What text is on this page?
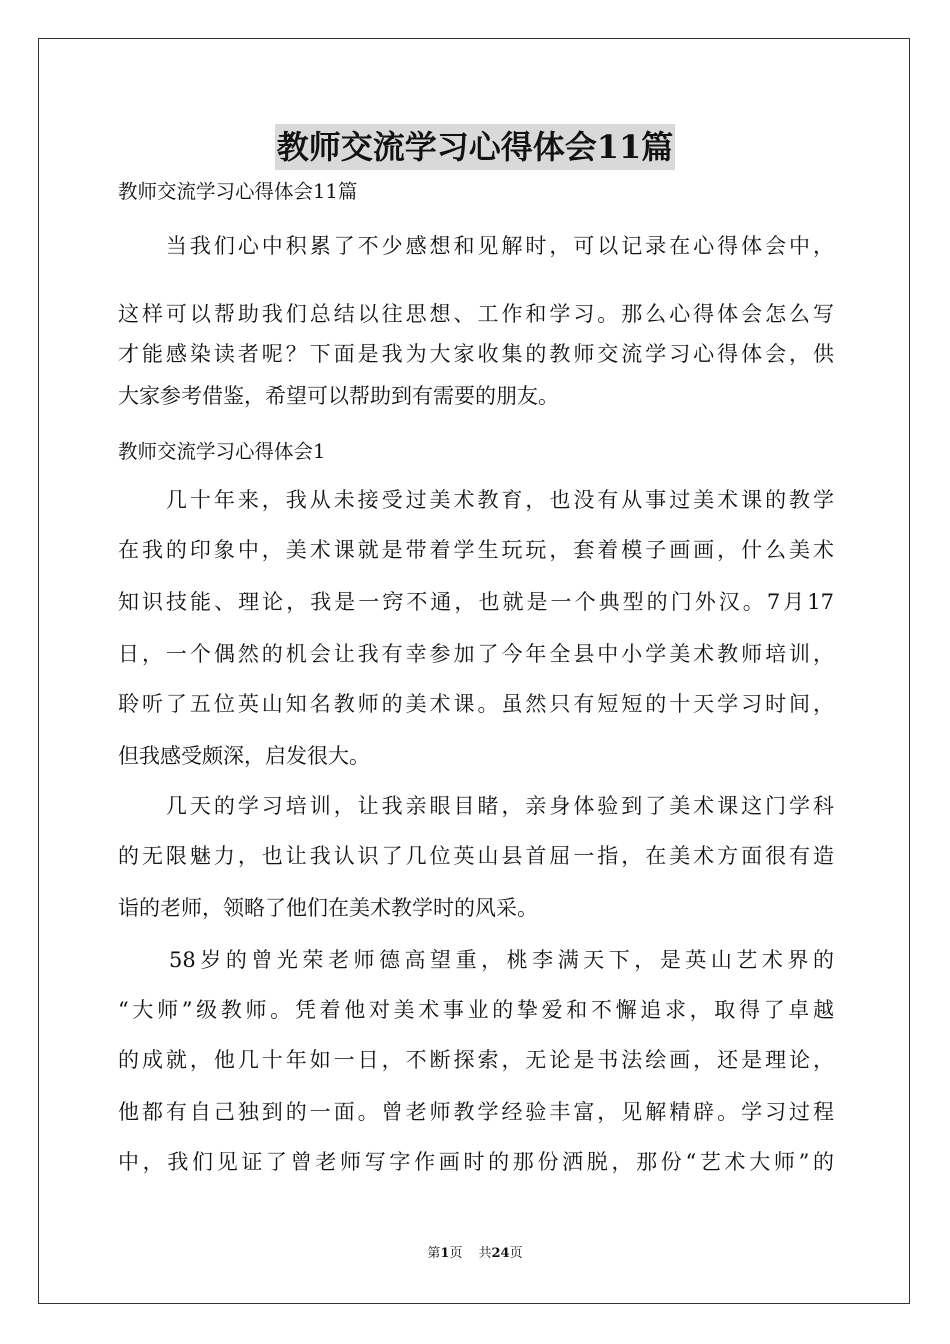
教师交流学习心得体会11篇
教师交流学习心得体会11篇
　　当我们心中积累了不少感想和见解时，可以记录在心得体会中，
这样可以帮助我们总结以往思想、工作和学习。那么心得体会怎么写
才能感染读者呢？下面是我为大家收集的教师交流学习心得体会，供
大家参考借鉴，希望可以帮助到有需要的朋友。
教师交流学习心得体会1
　　几十年来，我从未接受过美术教育，也没有从事过美术课的教学
在我的印象中，美术课就是带着学生玩玩，套着模子画画，什么美术
知识技能、理论，我是一窍不通，也就是一个典型的门外汉。7月17
日，一个偶然的机会让我有幸参加了今年全县中小学美术教师培训，
聆听了五位英山知名教师的美术课。虽然只有短短的十天学习时间，
但我感受颇深，启发很大。
　　几天的学习培训，让我亲眼目睹，亲身体验到了美术课这门学科
的无限魅力，也让我认识了几位英山县首屈一指，在美术方面很有造
诣的老师，领略了他们在美术教学时的风采。
　　58岁的曾光荣老师德高望重，桃李满天下，是英山艺术界的
“大师”级教师。凭着他对美术事业的挚爱和不懈追求，取得了卓越
的成就，他几十年如一日，不断探索，无论是书法绘画，还是理论，
他都有自己独到的一面。曾老师教学经验丰富，见解精辟。学习过程
中，我们见证了曾老师写字作画时的那份洒脱，那份“艺术大师”的
第1页 共24页
